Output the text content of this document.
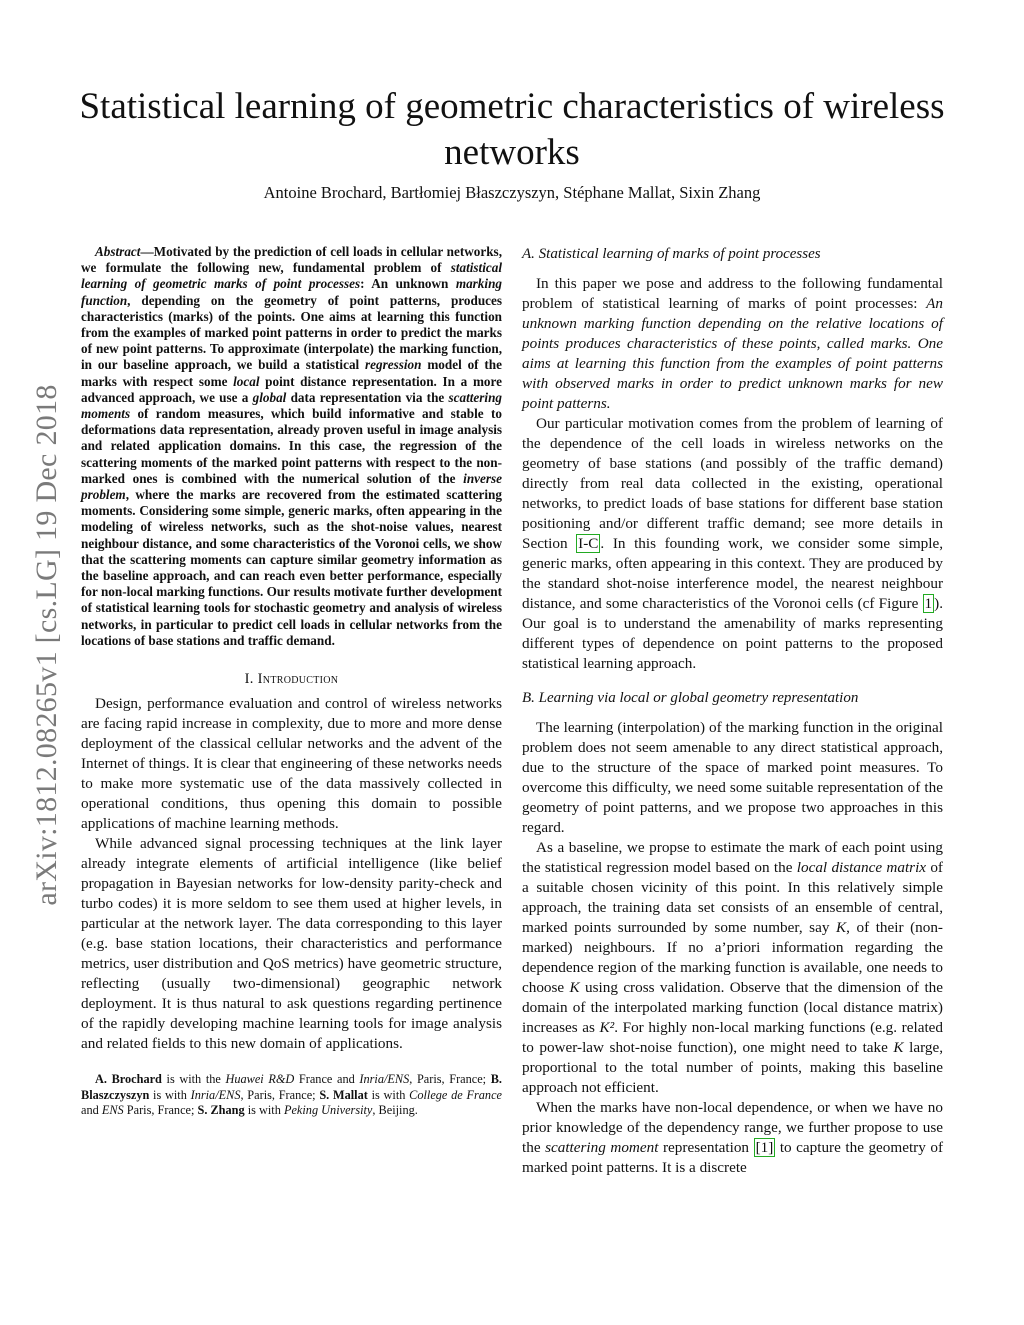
Statistical learning of geometric characteristics of wireless networks
Antoine Brochard, Bartłomiej Błaszczyszyn, Stéphane Mallat, Sixin Zhang
arXiv:1812.08265v1 [cs.LG] 19 Dec 2018

Abstract—Motivated by the prediction of cell loads in cellular networks, we formulate the following new, fundamental problem of statistical learning of geometric marks of point processes: An unknown marking function, depending on the geometry of point patterns, produces characteristics (marks) of the points. One aims at learning this function from the examples of marked point patterns in order to predict the marks of new point patterns. To approximate (interpolate) the marking function, in our baseline approach, we build a statistical regression model of the marks with respect some local point distance representation. In a more advanced approach, we use a global data representation via the scattering moments of random measures, which build informative and stable to deformations data representation, already proven useful in image analysis and related application domains. In this case, the regression of the scattering moments of the marked point patterns with respect to the non-marked ones is combined with the numerical solution of the inverse problem, where the marks are recovered from the estimated scattering moments. Considering some simple, generic marks, often appearing in the modeling of wireless networks, such as the shot-noise values, nearest neighbour distance, and some characteristics of the Voronoi cells, we show that the scattering moments can capture similar geometry information as the baseline approach, and can reach even better performance, especially for non-local marking functions. Our results motivate further development of statistical learning tools for stochastic geometry and analysis of wireless networks, in particular to predict cell loads in cellular networks from the locations of base stations and traffic demand.

I. Introduction

Design, performance evaluation and control of wireless networks are facing rapid increase in complexity, due to more and more dense deployment of the classical cellular networks and the advent of the Internet of things. It is clear that engineering of these networks needs to make more systematic use of the data massively collected in operational conditions, thus opening this domain to possible applications of machine learning methods.

While advanced signal processing techniques at the link layer already integrate elements of artificial intelligence (like belief propagation in Bayesian networks for low-density parity-check and turbo codes) it is more seldom to see them used at higher levels, in particular at the network layer. The data corresponding to this layer (e.g. base station locations, their characteristics and performance metrics, user distribution and QoS metrics) have geometric structure, reflecting (usually two-dimensional) geographic network deployment. It is thus natural to ask questions regarding pertinence of the rapidly developing machine learning tools for image analysis and related fields to this new domain of applications.

A. Brochard is with the Huawei R&D France and Inria/ENS, Paris, France; B. Blaszczyszyn is with Inria/ENS, Paris, France; S. Mallat is with College de France and ENS Paris, France; S. Zhang is with Peking University, Beijing.

A. Statistical learning of marks of point processes

In this paper we pose and address to the following fundamental problem of statistical learning of marks of point processes: An unknown marking function depending on the relative locations of points produces characteristics of these points, called marks. One aims at learning this function from the examples of point patterns with observed marks in order to predict unknown marks for new point patterns.

Our particular motivation comes from the problem of learning of the dependence of the cell loads in wireless networks on the geometry of base stations (and possibly of the traffic demand) directly from real data collected in the existing, operational networks, to predict loads of base stations for different base station positioning and/or different traffic demand; see more details in Section I-C . In this founding work, we consider some simple, generic marks, often appearing in this context. They are produced by the standard shot-noise interference model, the nearest neighbour distance, and some characteristics of the Voronoi cells (cf Figure 1 ). Our goal is to understand the amenability of marks representing different types of dependence on point patterns to the proposed statistical learning approach.

B. Learning via local or global geometry representation

The learning (interpolation) of the marking function in the original problem does not seem amenable to any direct statistical approach, due to the structure of the space of marked point measures. To overcome this difficulty, we need some suitable representation of the geometry of point patterns, and we propose two approaches in this regard.

As a baseline, we propse to estimate the mark of each point using the statistical regression model based on the local distance matrix of a suitable chosen vicinity of this point. In this relatively simple approach, the training data set consists of an ensemble of central, marked points surrounded by some number, say K, of their (non-marked) neighbours. If no a’priori information regarding the dependence region of the marking function is available, one needs to choose K using cross validation. Observe that the dimension of the domain of the interpolated marking function (local distance matrix) increases as K². For highly non-local marking functions (e.g. related to power-law shot-noise function), one might need to take K large, proportional to the total number of points, making this baseline approach not efficient.

When the marks have non-local dependence, or when we have no prior knowledge of the dependency range, we further propose to use the scattering moment representation [1] to capture the geometry of marked point patterns. It is a discrete
